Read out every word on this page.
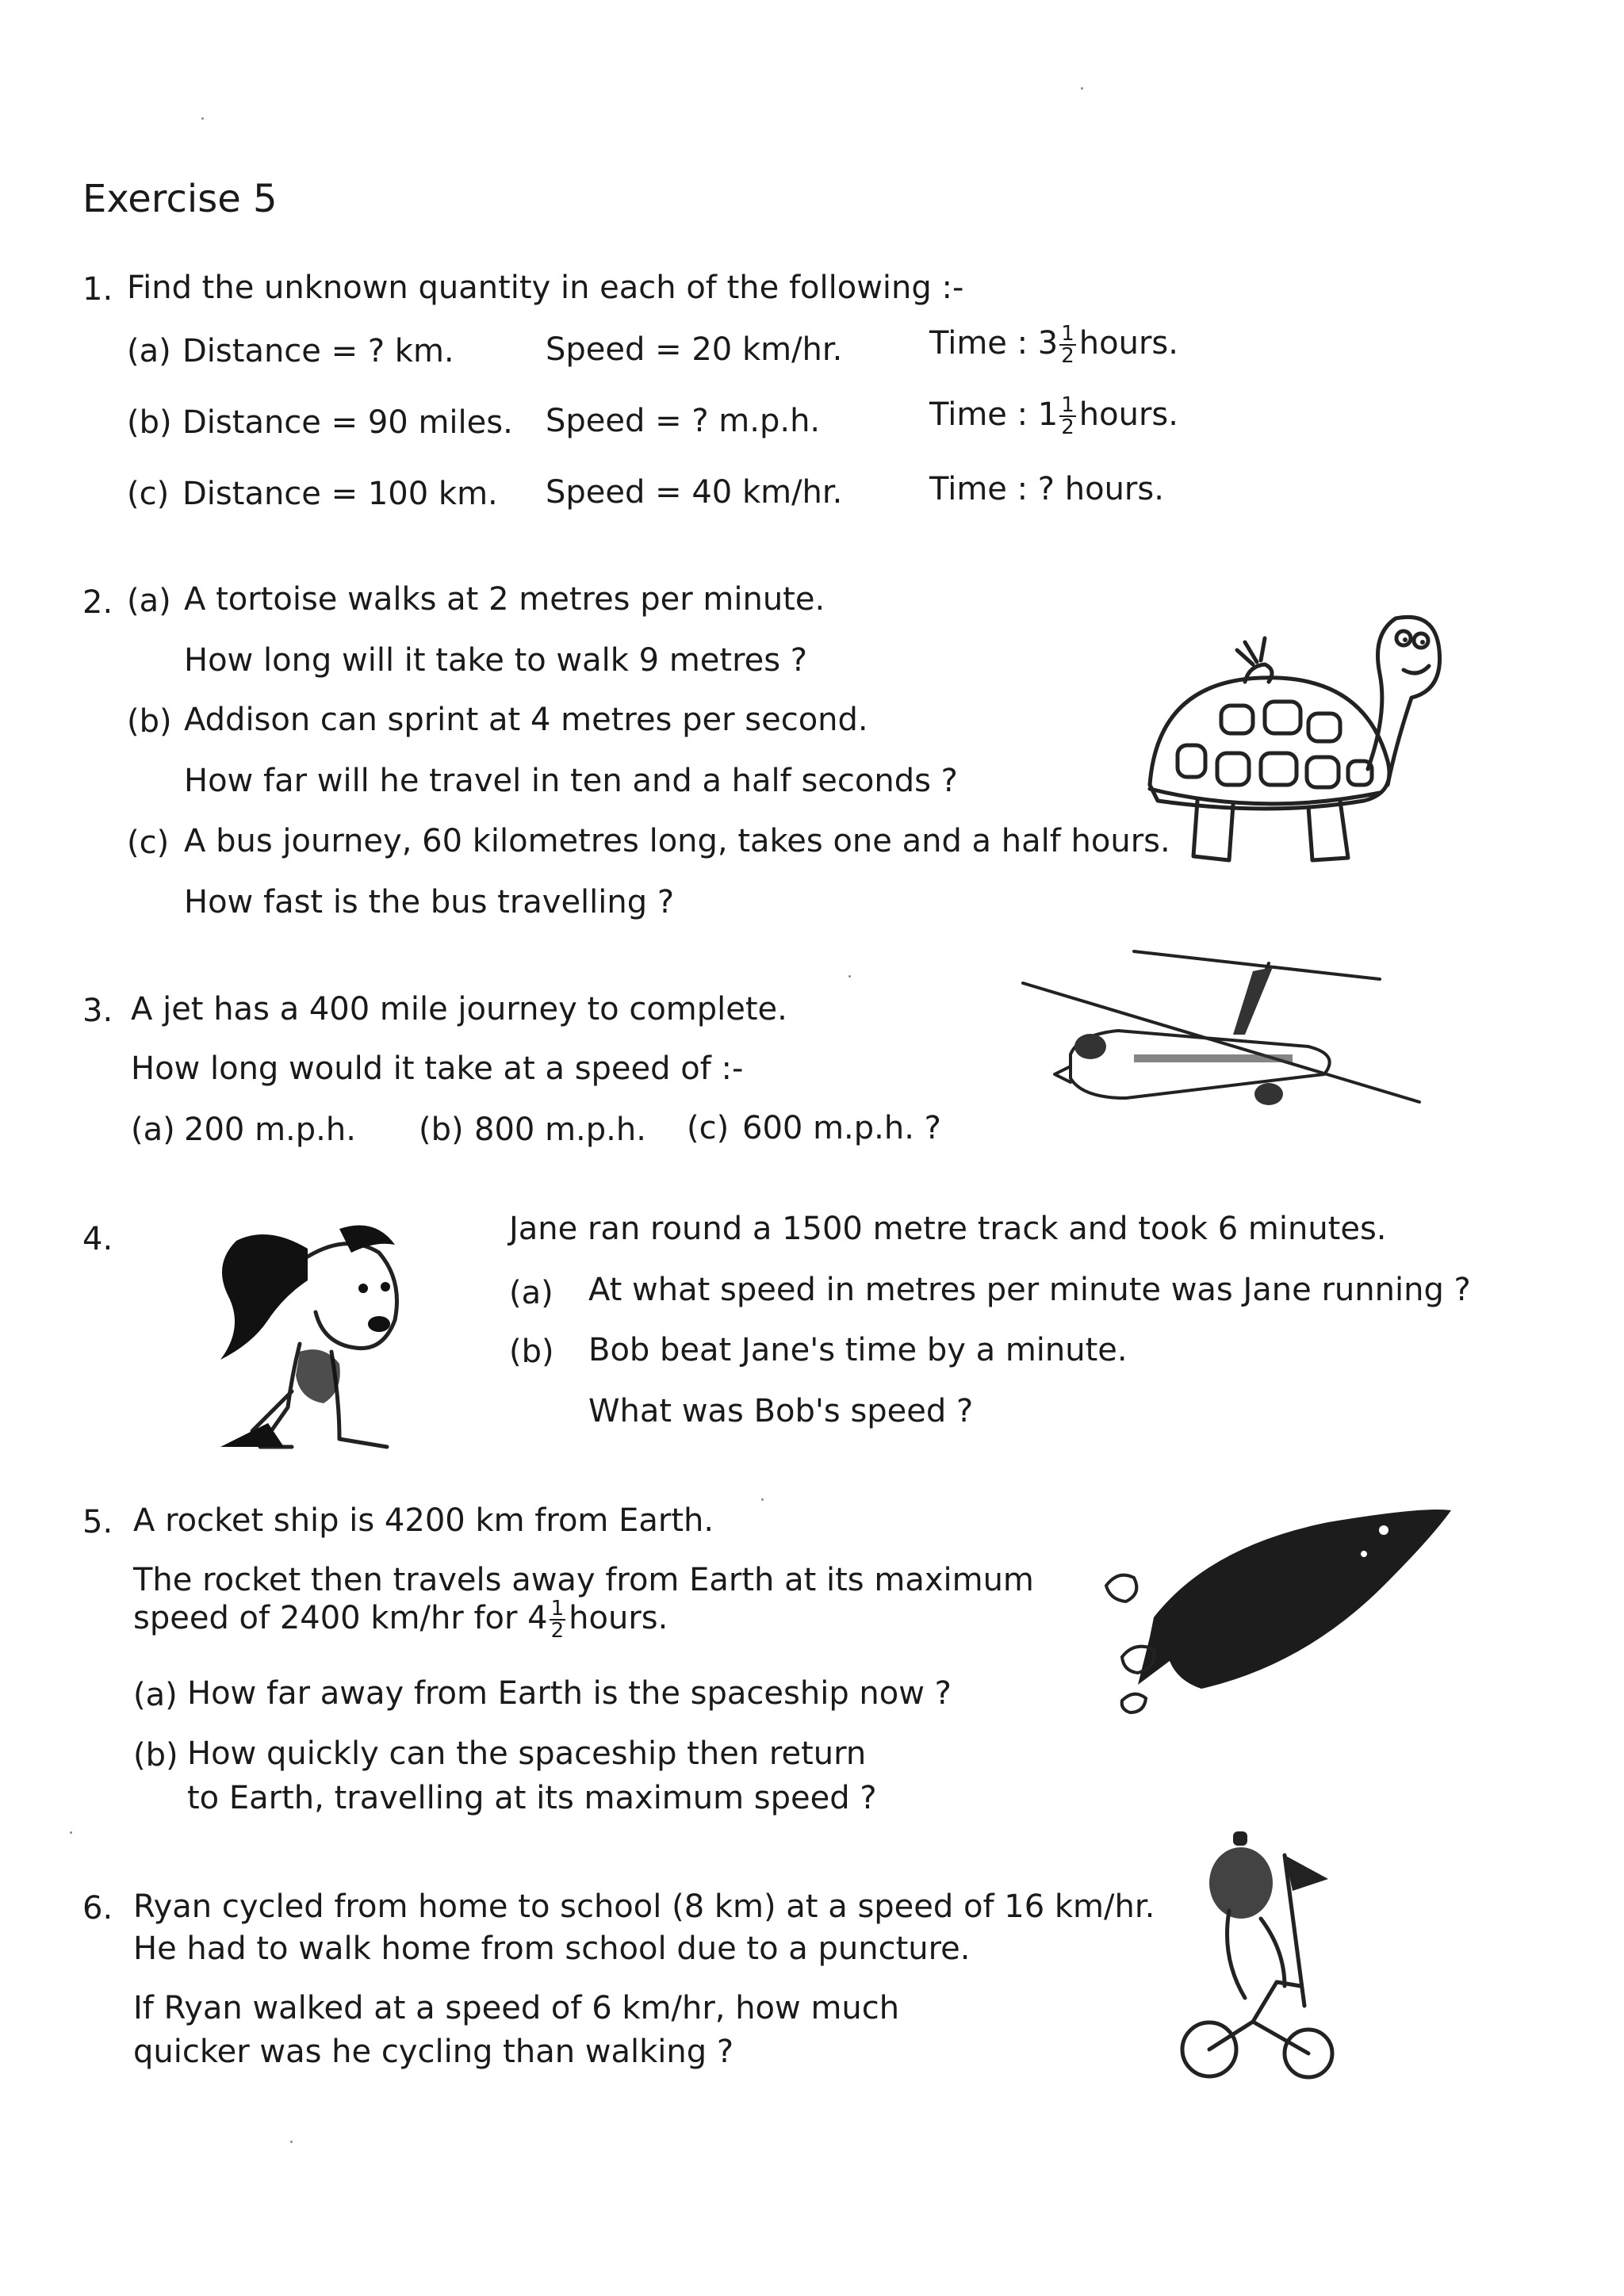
Exercise 5
1. Find the unknown quantity in each of the following :-
(a) Distance = ? km.	Speed = 20 km/hr.	Time : $3 \frac{1}{2}$ hours.
(b) Distance = 90 miles. Speed = ? m.p.h.	Time : $1 \frac{1}{2}$ hours.
(c) Distance = 100 km. Speed = 40 km/hr.	Time : ? hours.
2. (a) A tortoise walks at 2 metres per minute.
How long will it take to walk 9 metres ?
(b) Addison can sprint at 4 metres per second.
How far will he travel in ten and a half seconds ?
(c) A bus journey, 60 kilometres long, takes one and a half hours.
How fast is the bus travelling ?
3. A jet has a 400 mile journey to complete.
How long would it take at a speed of :-
(a) 200 m.p.h. (b) 800 m.p.h. (c) 600 m.p.h. ?
4.	Jane ran round a 1500 metre track and took 6 minutes.
(a) At what speed in metres per minute was Jane running ?
(b) Bob beat Jane's time by a minute.
What was Bob's speed ?
5. A rocket ship is 4200 km from Earth.
The rocket then travels away from Earth at its maximum
speed of 2400 km/hr for $4 \frac{1}{2}$ hours.
(a) How far away from Earth is the spaceship now ?
(b) How quickly can the spaceship then return
to Earth, travelling at its maximum speed ?
6. Ryan cycled from home to school (8 km) at a speed of 16 km/hr.
He had to walk home from school due to a puncture.
If Ryan walked at a speed of 6 km/hr, how much
quicker was he cycling than walking ?
